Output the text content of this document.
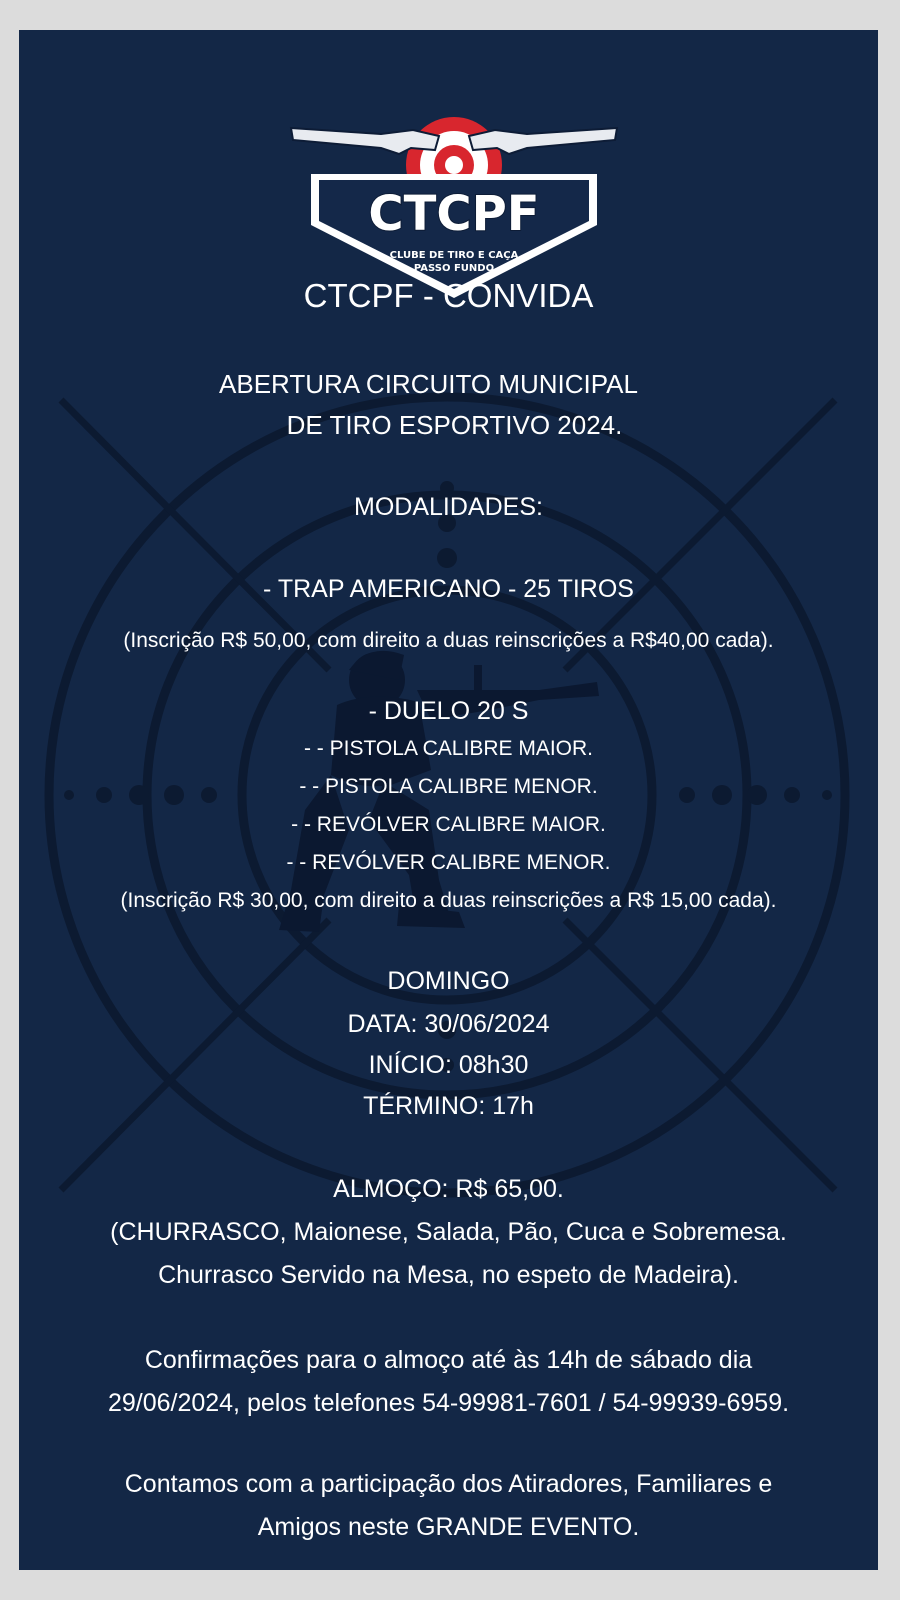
CTCPF
CLUBE DE TIRO E CAÇA
PASSO FUNDO
CTCPF - CONVIDA
ABERTURA CIRCUITO MUNICIPAL
DE TIRO ESPORTIVO 2024.
MODALIDADES:
- TRAP AMERICANO - 25 TIROS
(Inscrição R$ 50,00, com direito a duas reinscrições a R$40,00 cada).
- DUELO 20 S
- - PISTOLA CALIBRE MAIOR.
- - PISTOLA CALIBRE MENOR.
- - REVÓLVER CALIBRE MAIOR.
- - REVÓLVER CALIBRE MENOR.
(Inscrição R$ 30,00, com direito a duas reinscrições a R$ 15,00 cada).
DOMINGO
DATA: 30/06/2024
INÍCIO: 08h30
TÉRMINO: 17h
ALMOÇO: R$ 65,00.
(CHURRASCO, Maionese, Salada, Pão, Cuca e Sobremesa.
Churrasco Servido na Mesa, no espeto de Madeira).
Confirmações para o almoço até às 14h de sábado dia
29/06/2024, pelos telefones 54-99981-7601 / 54-99939-6959.
Contamos com a participação dos Atiradores, Familiares e
Amigos neste GRANDE EVENTO.
